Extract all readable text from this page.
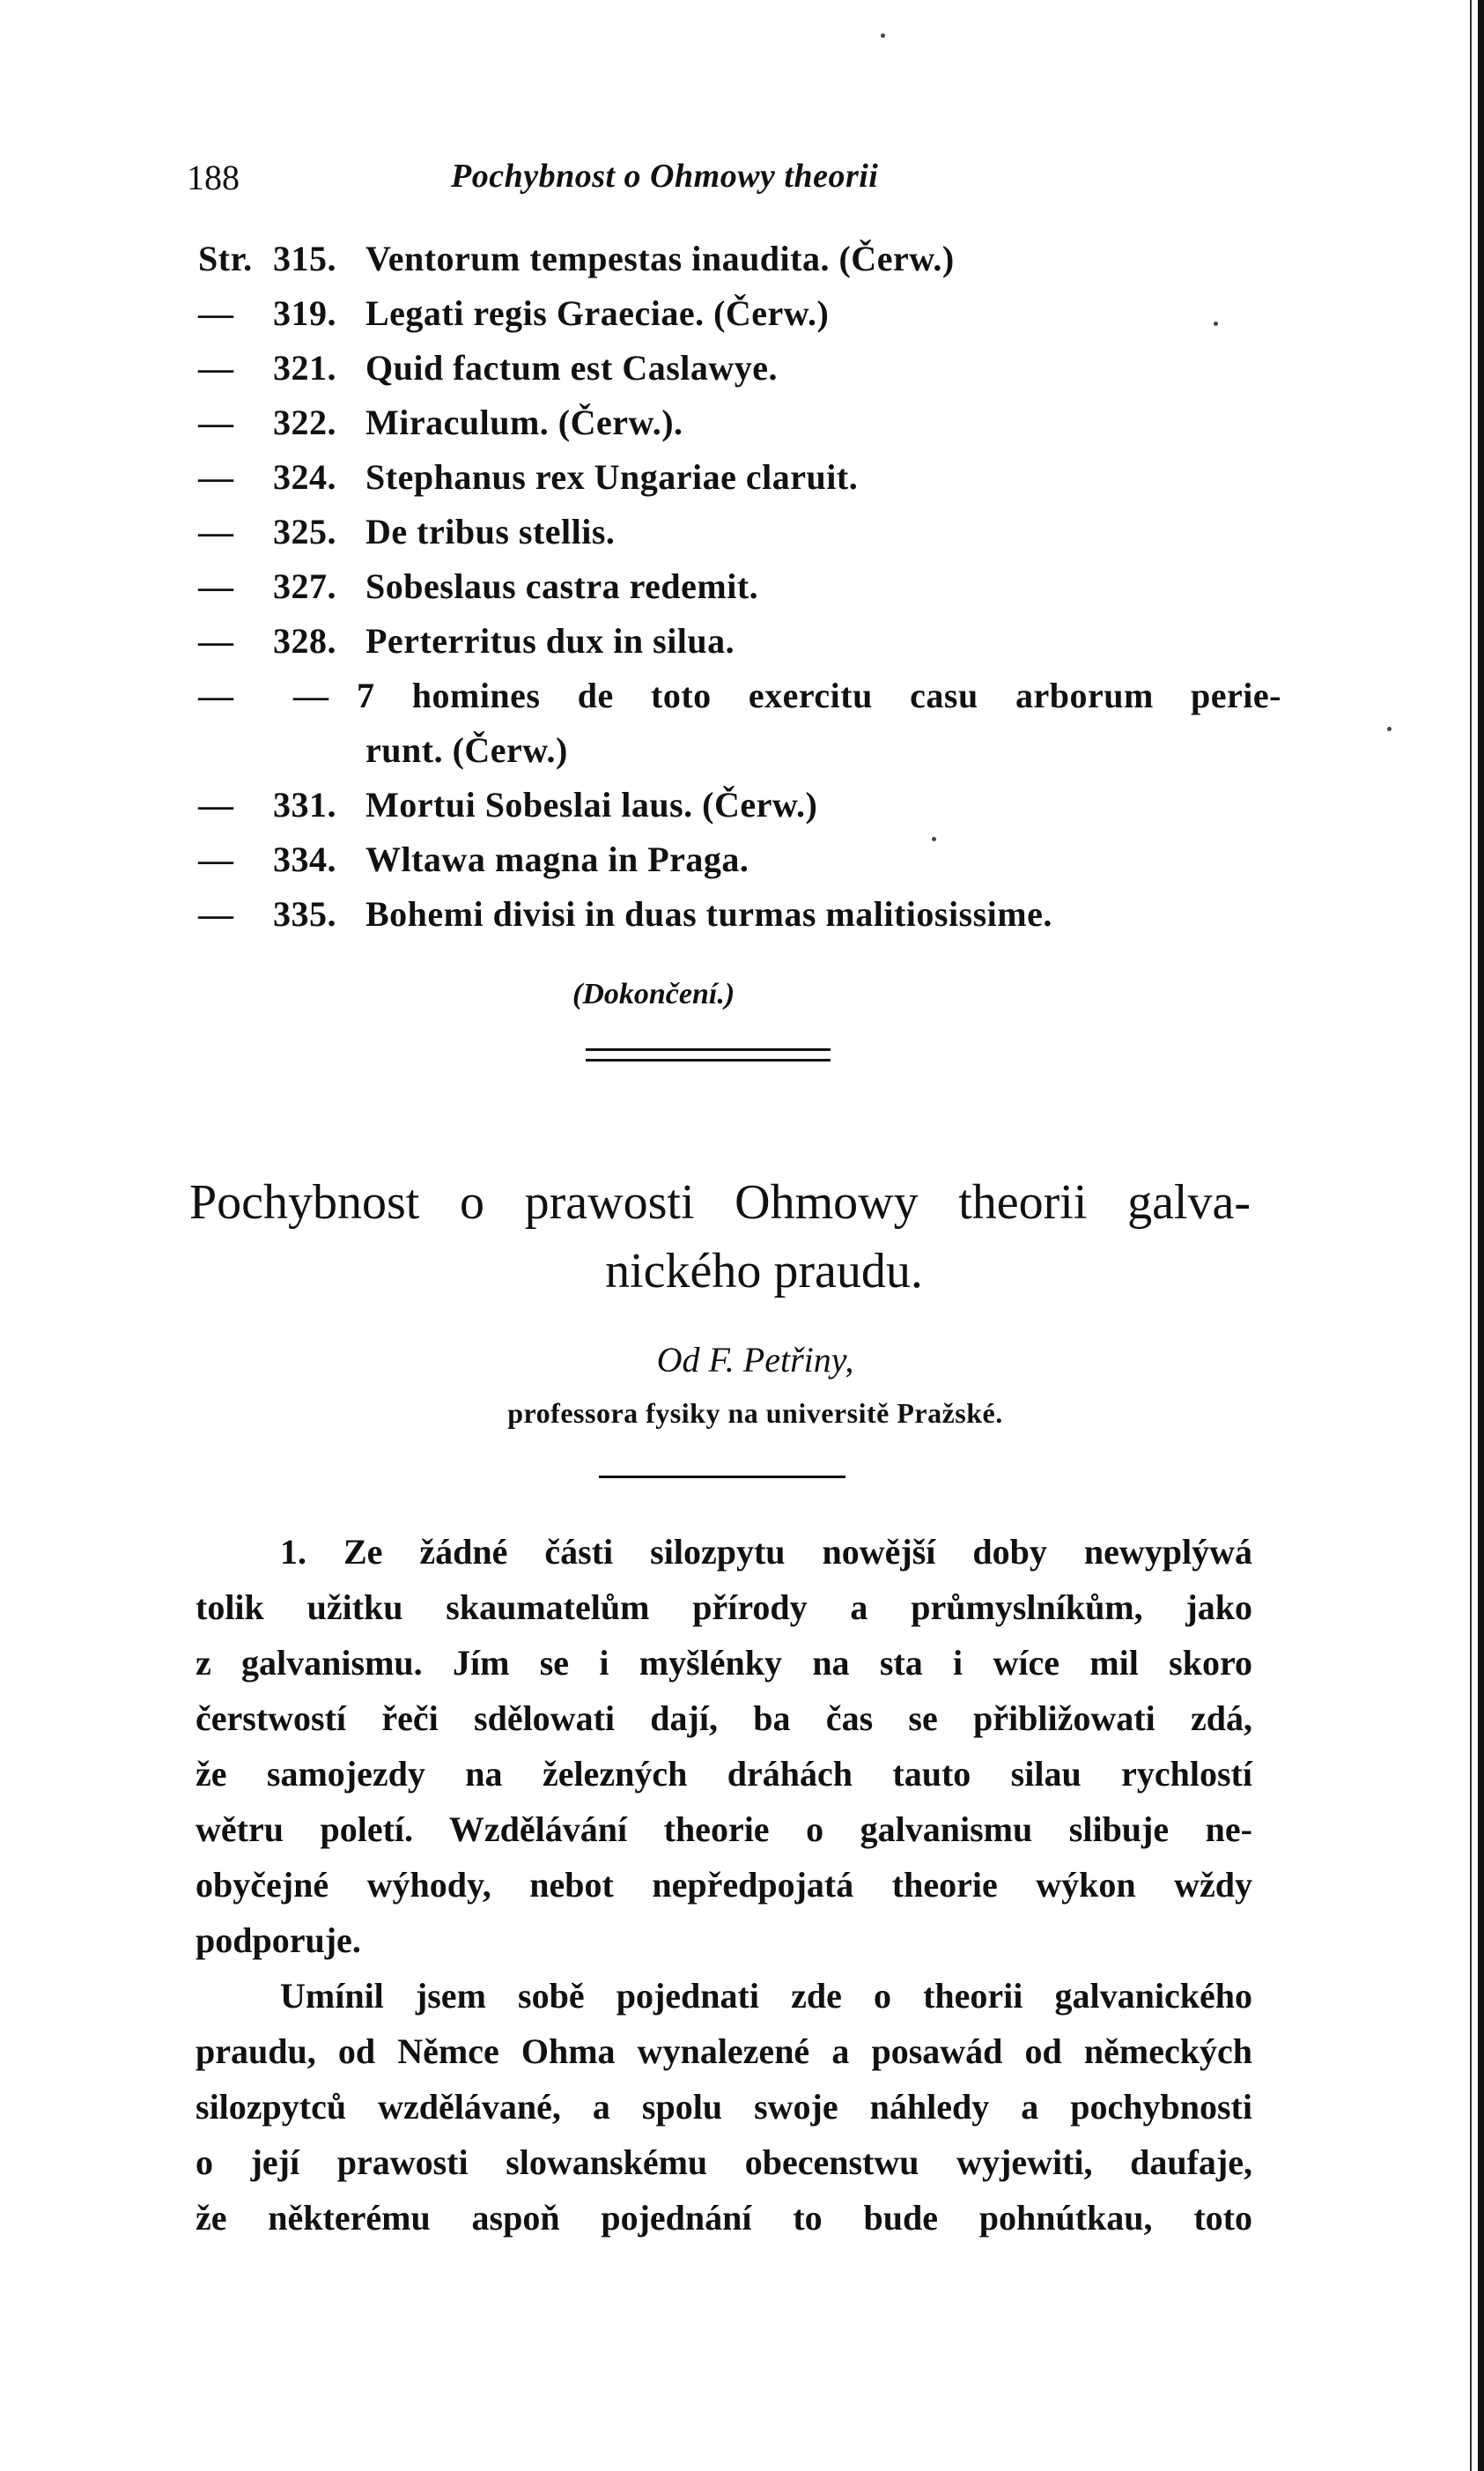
188	Pochybnost o Ohmowy theorii
Str. 315. Ventorum tempestas inaudita. (Čerw.)
— 319. Legati regis Graeciae. (Čerw.)
— 321. Quid factum est Caslawye.
— 322. Miraculum. (Čerw.).
— 324. Stephanus rex Ungariae claruit.
— 325. De tribus stellis.
— 327. Sobeslaus castra redemit.
— 328. Perterritus dux in silua.
— — 7 homines de toto exercitu casu arborum perie-
runt. (Čerw.)
— 331. Mortui Sobeslai laus. (Čerw.)
— 334. Wltawa magna in Praga.
— 335. Bohemi divisi in duas turmas malitiosissime.
(Dokončení.)
Pochybnost o prawosti Ohmowy theorii galva-
nického praudu.
Od F. Petřiny,
professora fysiky na universitě Pražské.
1. Ze žádné části silozpytu nowější doby newyplýwá
tolik užitku skaumatelům přírody a průmyslníkům, jako
z galvanismu. Jím se i myšlénky na sta i wíce mil skoro
čerstwostí řeči sdělowati dají, ba čas se přibližowati zdá,
že samojezdy na železných dráhách tauto silau rychlostí
wětru poletí. Wzdělávání theorie o galvanismu slibuje ne-
obyčejné wýhody, nebot nepředpojatá theorie wýkon wždy
podporuje.
Umínil jsem sobě pojednati zde o theorii galvanického
praudu, od Němce Ohma wynalezené a posawád od německých
silozpytců wzdělávané, a spolu swoje náhledy a pochybnosti
o její prawosti slowanskému obecenstwu wyjewiti, daufaje,
že některému aspoň pojednání to bude pohnútkau, toto
